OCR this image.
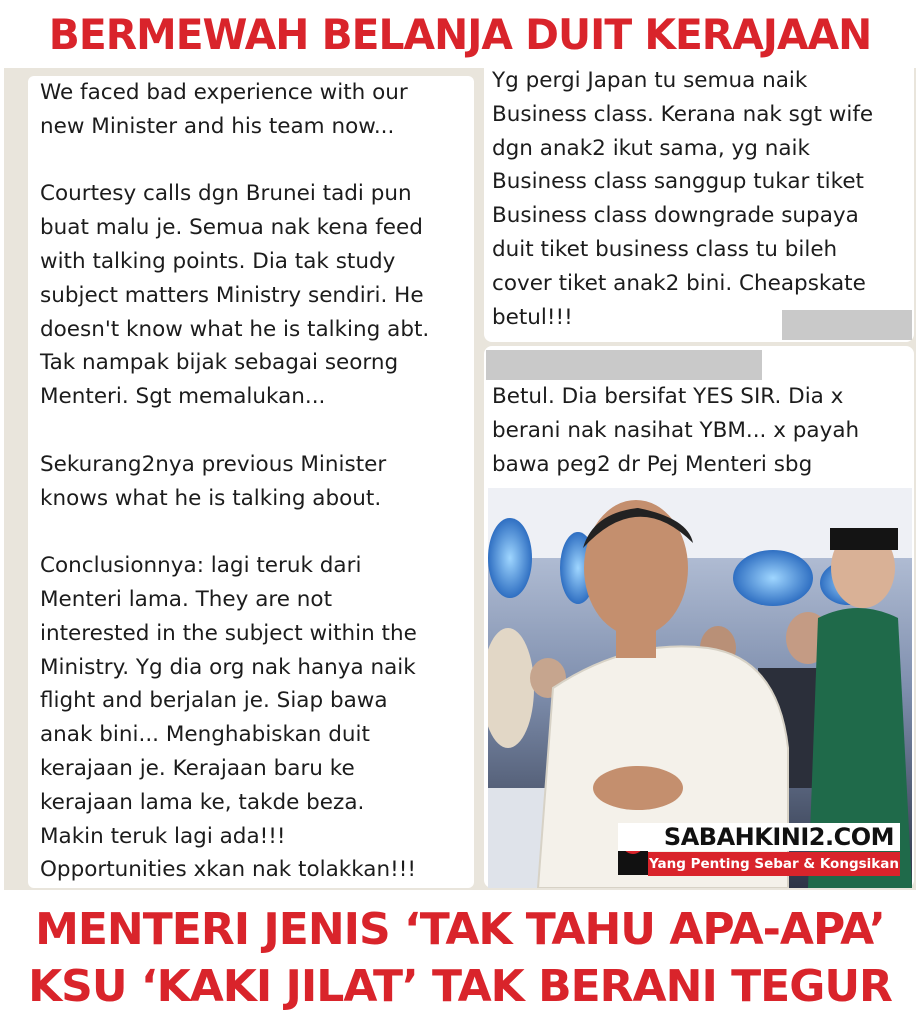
BERMEWAH BELANJA DUIT KERAJAAN

We faced bad experience with our
new Minister and his team now...

Courtesy calls dgn Brunei tadi pun
buat malu je. Semua nak kena feed
with talking points. Dia tak study
subject matters Ministry sendiri. He
doesn't know what he is talking abt.
Tak nampak bijak sebagai seorng
Menteri. Sgt memalukan...

Sekurang2nya previous Minister
knows what he is talking about.

Conclusionnya: lagi teruk dari
Menteri lama. They are not
interested in the subject within the
Ministry. Yg dia org nak hanya naik
flight and berjalan je. Siap bawa
anak bini... Menghabiskan duit
kerajaan je. Kerajaan baru ke
kerajaan lama ke, takde beza.
Makin teruk lagi ada!!!
Opportunities xkan nak tolakkan!!!

Yg pergi Japan tu semua naik
Business class. Kerana nak sgt wife
dgn anak2 ikut sama, yg naik
Business class sanggup tukar tiket
Business class downgrade supaya
duit tiket business class tu bileh
cover tiket anak2 bini. Cheapskate
betul!!!

Betul. Dia bersifat YES SIR. Dia x
berani nak nasihat YBM... x payah
bawa peg2 dr Pej Menteri sbg

SABAHKINI2.COM
Yang Penting Sebar & Kongsikan
MENTERI JENIS ‘TAK TAHU APA-APA’
KSU ‘KAKI JILAT’ TAK BERANI TEGUR
